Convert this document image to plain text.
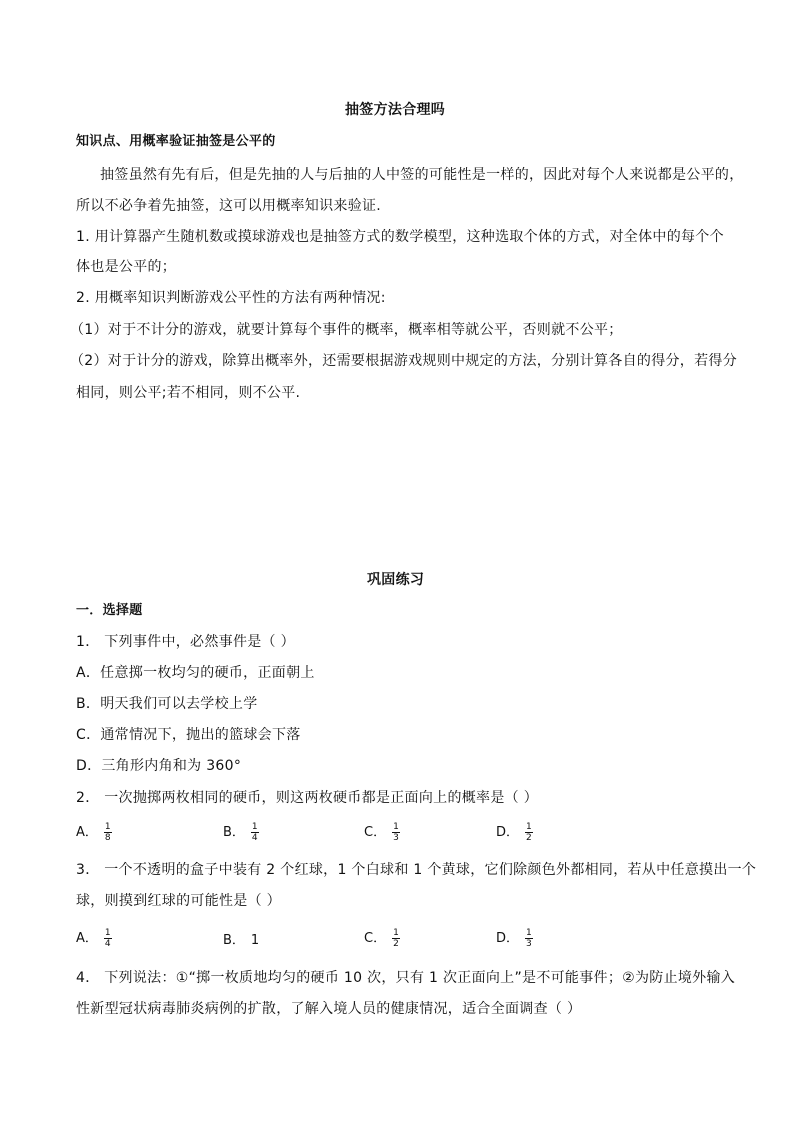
抽签方法合理吗
知识点、用概率验证抽签是公平的
抽签虽然有先有后，但是先抽的人与后抽的人中签的可能性是一样的，因此对每个人来说都是公平的，
所以不必争着先抽签，这可以用概率知识来验证.
1. 用计算器产生随机数或摸球游戏也是抽签方式的数学模型，这种选取个体的方式，对全体中的每个个
体也是公平的；
2. 用概率知识判断游戏公平性的方法有两种情况:
（1）对于不计分的游戏，就要计算每个事件的概率，概率相等就公平，否则就不公平；
（2）对于计分的游戏，除算出概率外，还需要根据游戏规则中规定的方法，分别计算各自的得分，若得分
相同，则公平;若不相同，则不公平.
巩固练习
一．选择题
1． 下列事件中，必然事件是（ ）
A．任意掷一枚均匀的硬币，正面朝上
B．明天我们可以去学校上学
C．通常情况下，抛出的篮球会下落
D．三角形内角和为 360°
2． 一次抛掷两枚相同的硬币，则这两枚硬币都是正面向上的概率是（ ）
A． $\frac{1}{8}$	B． $\frac{1}{4}$	C． $\frac{1}{3}$	D． $\frac{1}{2}$
3． 一个不透明的盒子中装有 2 个红球，1 个白球和 1 个黄球，它们除颜色外都相同，若从中任意摸出一个
球，则摸到红球的可能性是（ ）
A． $\frac{1}{4}$	B． 1	C． $\frac{1}{2}$	D． $\frac{1}{3}$
4． 下列说法：①“掷一枚质地均匀的硬币 10 次，只有 1 次正面向上”是不可能事件；②为防止境外输入
性新型冠状病毒肺炎病例的扩散，了解入境人员的健康情况，适合全面调查（ ）
